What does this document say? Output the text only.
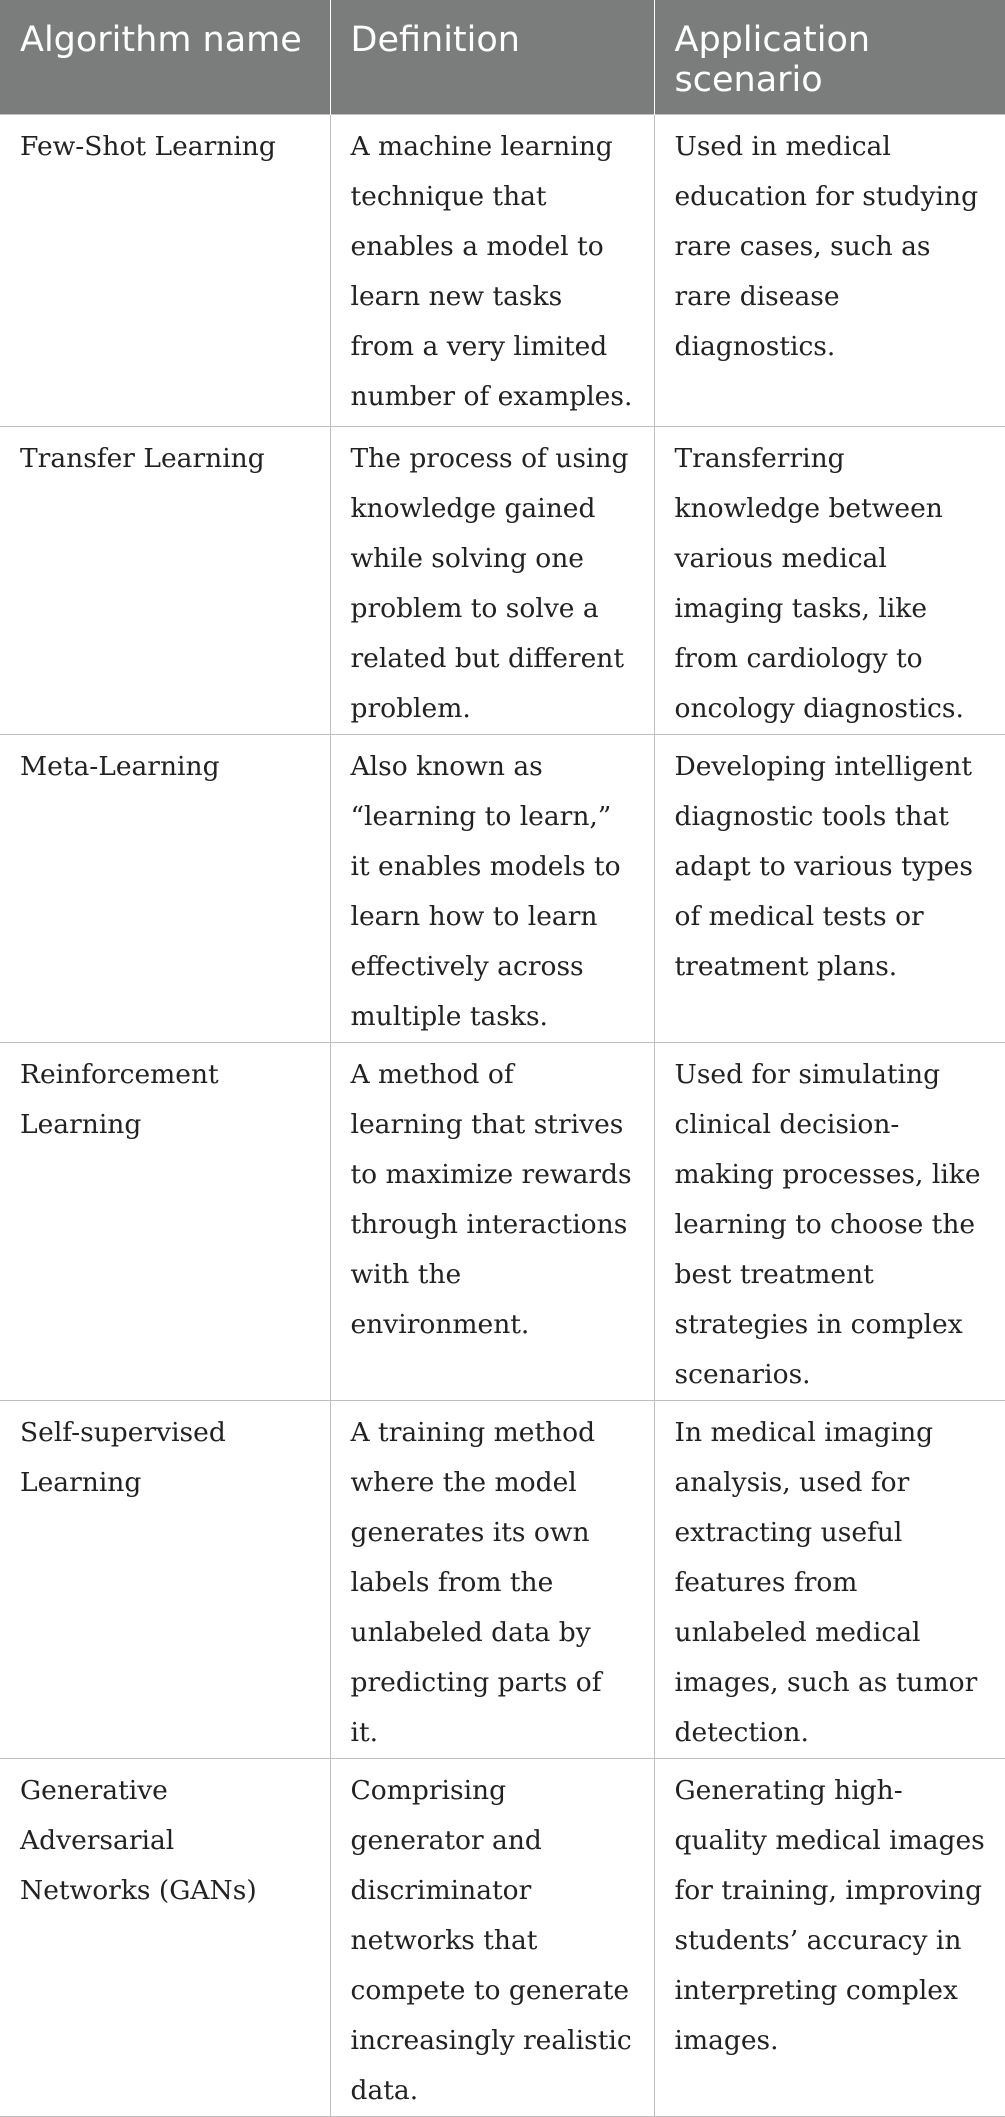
Algorithm name	Definition	Application scenario
Few-Shot Learning	A machine learning technique that enables a model to learn new tasks from a very limited number of examples.	Used in medical education for studying rare cases, such as rare disease diagnostics.
Transfer Learning	The process of using knowledge gained while solving one problem to solve a related but different problem.	Transferring knowledge between various medical imaging tasks, like from cardiology to oncology diagnostics.
Meta-Learning	Also known as “learning to learn,” it enables models to learn how to learn effectively across multiple tasks.	Developing intelligent diagnostic tools that adapt to various types of medical tests or treatment plans.
Reinforcement Learning	A method of learning that strives to maximize rewards through interactions with the environment.	Used for simulating clinical decision-making processes, like learning to choose the best treatment strategies in complex scenarios.
Self-supervised Learning	A training method where the model generates its own labels from the unlabeled data by predicting parts of it.	In medical imaging analysis, used for extracting useful features from unlabeled medical images, such as tumor detection.
Generative Adversarial Networks (GANs)	Comprising generator and discriminator networks that compete to generate increasingly realistic data.	Generating high-quality medical images for training, improving students’ accuracy in interpreting complex images.
